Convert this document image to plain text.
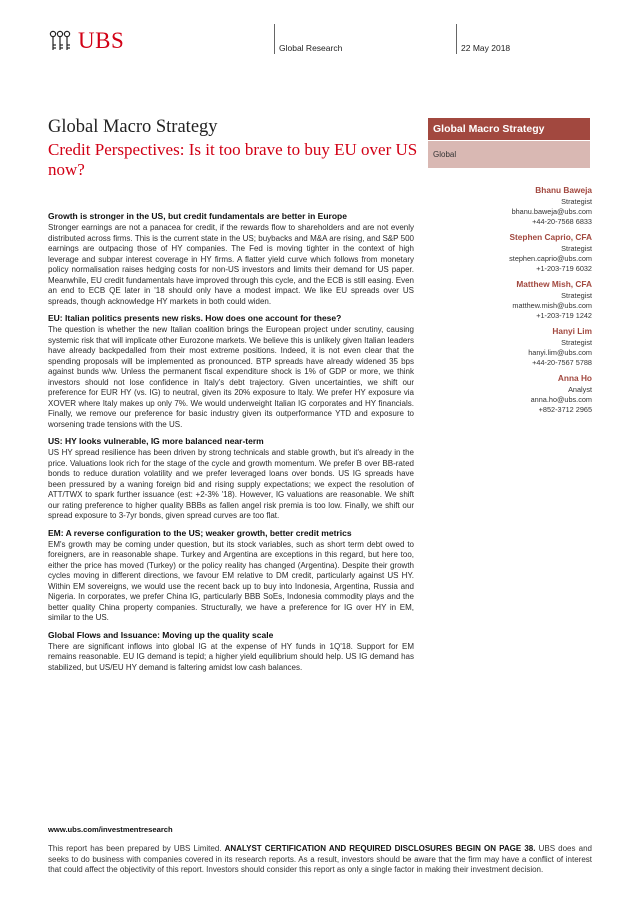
UBS	Global Research	22 May 2018
Global Macro Strategy
Credit Perspectives: Is it too brave to buy EU over US now?
Global Macro Strategy
Global
Bhanu Baweja
Strategist
bhanu.baweja@ubs.com
+44-20-7568 6833
Stephen Caprio, CFA
Strategist
stephen.caprio@ubs.com
+1-203-719 6032
Matthew Mish, CFA
Strategist
matthew.mish@ubs.com
+1-203-719 1242
Hanyi Lim
Strategist
hanyi.lim@ubs.com
+44-20-7567 5788
Anna Ho
Analyst
anna.ho@ubs.com
+852-3712 2965
Growth is stronger in the US, but credit fundamentals are better in Europe

Stronger earnings are not a panacea for credit, if the rewards flow to shareholders and are not evenly distributed across firms. This is the current state in the US; buybacks and M&A are rising, and S&P 500 earnings are outpacing those of HY companies. The Fed is moving tighter in the context of high leverage and subpar interest coverage in HY firms. A flatter yield curve which follows from monetary policy normalisation raises hedging costs for non-US investors and limits their demand for US paper. Meanwhile, EU credit fundamentals have improved through this cycle, and the ECB is still easing. Even an end to ECB QE later in '18 should only have a modest impact. We like EU spreads over US spreads, though acknowledge HY markets in both could widen.

EU: Italian politics presents new risks. How does one account for these?

The question is whether the new Italian coalition brings the European project under scrutiny, causing systemic risk that will implicate other Eurozone markets. We believe this is unlikely given Italian leaders have already backpedalled from their most extreme positions. Indeed, it is not even clear that the spending proposals will be implemented as pronounced. BTP spreads have already widened 35 bps against bunds w/w. Unless the permanent fiscal expenditure shock is 1% of GDP or more, we think investors should not lose confidence in Italy's debt trajectory. Given uncertainties, we shift our preference for EUR HY (vs. IG) to neutral, given its 20% exposure to Italy. We prefer HY exposure via XOVER where Italy makes up only 7%. We would underweight Italian IG corporates and HY financials. Finally, we remove our preference for basic industry given its outperformance YTD and exposure to worsening trade tensions with the US.

US: HY looks vulnerable, IG more balanced near-term

US HY spread resilience has been driven by strong technicals and stable growth, but it's already in the price. Valuations look rich for the stage of the cycle and growth momentum. We prefer B over BB-rated bonds to reduce duration volatility and we prefer leveraged loans over bonds. US IG spreads have been pressured by a waning foreign bid and rising supply expectations; we expect the resolution of ATT/TWX to spark further issuance (est: +2-3% '18). However, IG valuations are reasonable. We shift our rating preference to higher quality BBBs as fallen angel risk premia is too low. Finally, we shift our spread exposure to 3-7yr bonds, given spread curves are too flat.

EM: A reverse configuration to the US; weaker growth, better credit metrics

EM's growth may be coming under question, but its stock variables, such as short term debt owed to foreigners, are in reasonable shape. Turkey and Argentina are exceptions in this regard, but here too, either the price has moved (Turkey) or the policy reality has changed (Argentina). Despite their growth cycles moving in different directions, we favour EM relative to DM credit, particularly against US HY. Within EM sovereigns, we would use the recent back up to buy into Indonesia, Argentina, Russia and Nigeria. In corporates, we prefer China IG, particularly BBB SoEs, Indonesia commodity plays and the better quality China property companies. Structurally, we have a preference for IG over HY in EM, similar to the US.

Global Flows and Issuance: Moving up the quality scale

There are significant inflows into global IG at the expense of HY funds in 1Q'18. Support for EM remains reasonable. EU IG demand is tepid; a higher yield equilibrium should help. US IG demand has stabilized, but US/EU HY demand is faltering amidst low cash balances.

www.ubs.com/investmentresearch
This report has been prepared by UBS Limited. ANALYST CERTIFICATION AND REQUIRED DISCLOSURES BEGIN ON PAGE 38. UBS does and seeks to do business with companies covered in its research reports. As a result, investors should be aware that the firm may have a conflict of interest that could affect the objectivity of this report. Investors should consider this report as only a single factor in making their investment decision.
